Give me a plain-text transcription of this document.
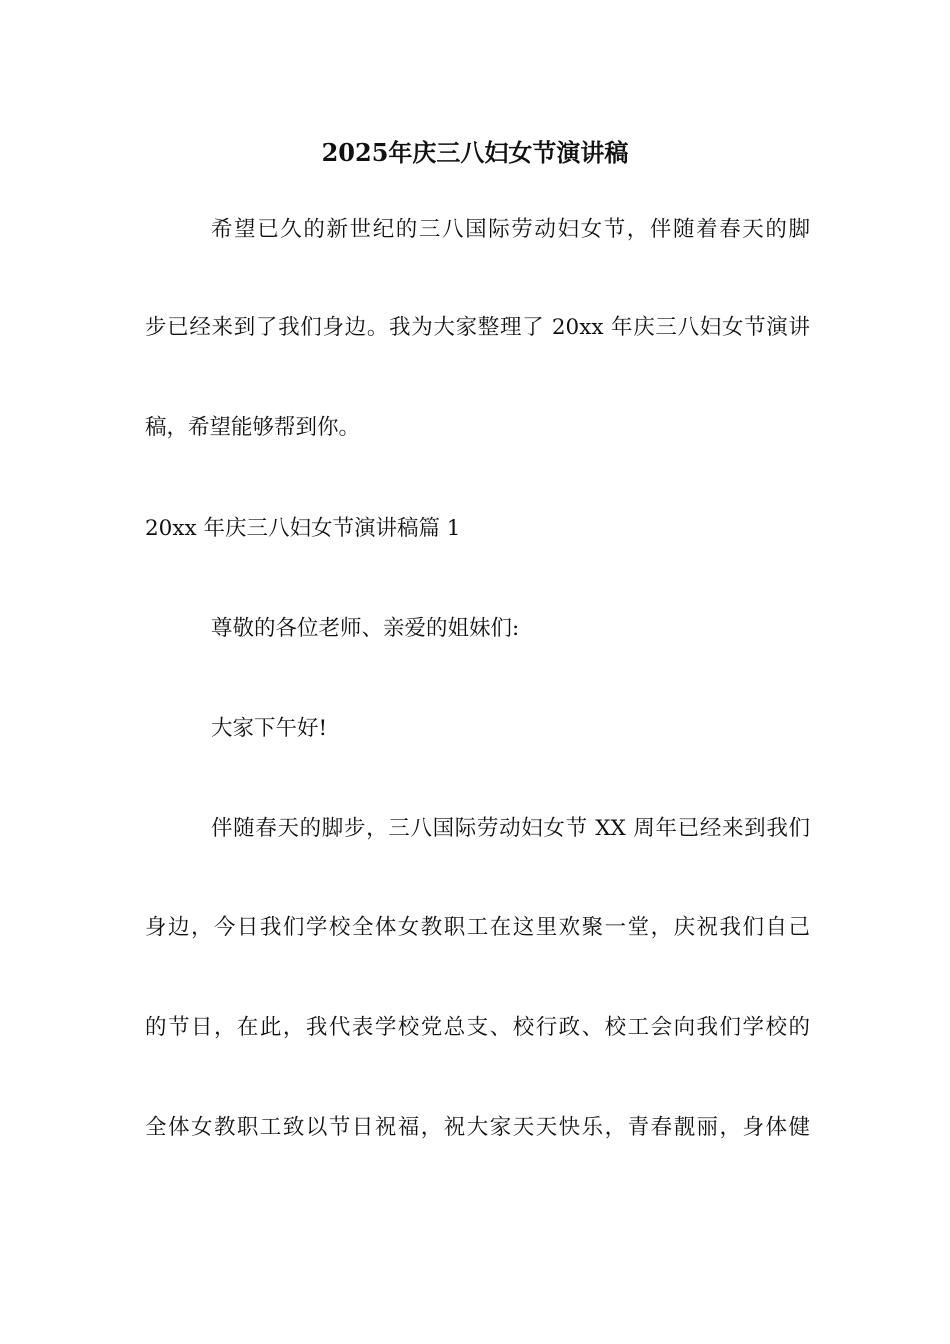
2025年庆三八妇女节演讲稿

希望已久的新世纪的三八国际劳动妇女节，伴随着春天的脚

步已经来到了我们身边。我为大家整理了 20xx 年庆三八妇女节演讲

稿，希望能够帮到你。

20xx 年庆三八妇女节演讲稿篇 1

尊敬的各位老师、亲爱的姐妹们:

大家下午好!

伴随春天的脚步，三八国际劳动妇女节 XX 周年已经来到我们

身边，今日我们学校全体女教职工在这里欢聚一堂，庆祝我们自己

的节日，在此，我代表学校党总支、校行政、校工会向我们学校的

全体女教职工致以节日祝福，祝大家天天快乐，青春靓丽，身体健
